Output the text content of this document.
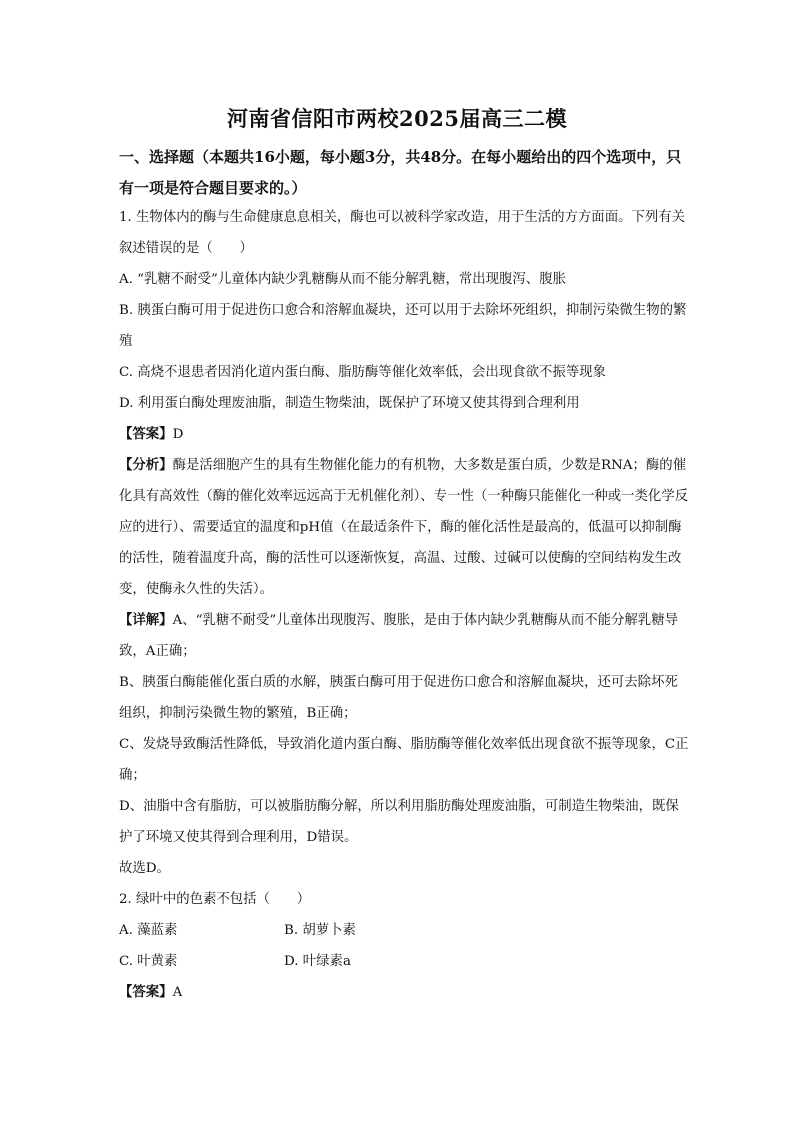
河南省信阳市两校2025届高三二模
一、选择题（本题共16小题，每小题3分，共48分。在每小题给出的四个选项中，只有一项是符合题目要求的。）

1. 生物体内的酶与生命健康息息相关，酶也可以被科学家改造，用于生活的方方面面。下列有关叙述错误的是（　　）

A. “乳糖不耐受”儿童体内缺少乳糖酶从而不能分解乳糖，常出现腹泻、腹胀

B. 胰蛋白酶可用于促进伤口愈合和溶解血凝块，还可以用于去除坏死组织，抑制污染微生物的繁殖

C. 高烧不退患者因消化道内蛋白酶、脂肪酶等催化效率低，会出现食欲不振等现象

D. 利用蛋白酶处理废油脂，制造生物柴油，既保护了环境又使其得到合理利用

【答案】D

【分析】酶是活细胞产生的具有生物催化能力的有机物，大多数是蛋白质，少数是RNA；酶的催化具有高效性（酶的催化效率远远高于无机催化剂）、专一性（一种酶只能催化一种或一类化学反应的进行）、需要适宜的温度和pH值（在最适条件下，酶的催化活性是最高的，低温可以抑制酶的活性，随着温度升高，酶的活性可以逐渐恢复，高温、过酸、过碱可以使酶的空间结构发生改变，使酶永久性的失活）。

【详解】A、“乳糖不耐受”儿童体出现腹泻、腹胀，是由于体内缺少乳糖酶从而不能分解乳糖导致，A正确；

B、胰蛋白酶能催化蛋白质的水解，胰蛋白酶可用于促进伤口愈合和溶解血凝块，还可去除坏死组织，抑制污染微生物的繁殖，B正确；

C、发烧导致酶活性降低，导致消化道内蛋白酶、脂肪酶等催化效率低出现食欲不振等现象，C正确；

D、油脂中含有脂肪，可以被脂肪酶分解，所以利用脂肪酶处理废油脂，可制造生物柴油，既保护了环境又使其得到合理利用，D错误。

故选D。

2. 绿叶中的色素不包括（　　）

A. 藻蓝素	B. 胡萝卜素
C. 叶黄素	D. 叶绿素a

【答案】A
